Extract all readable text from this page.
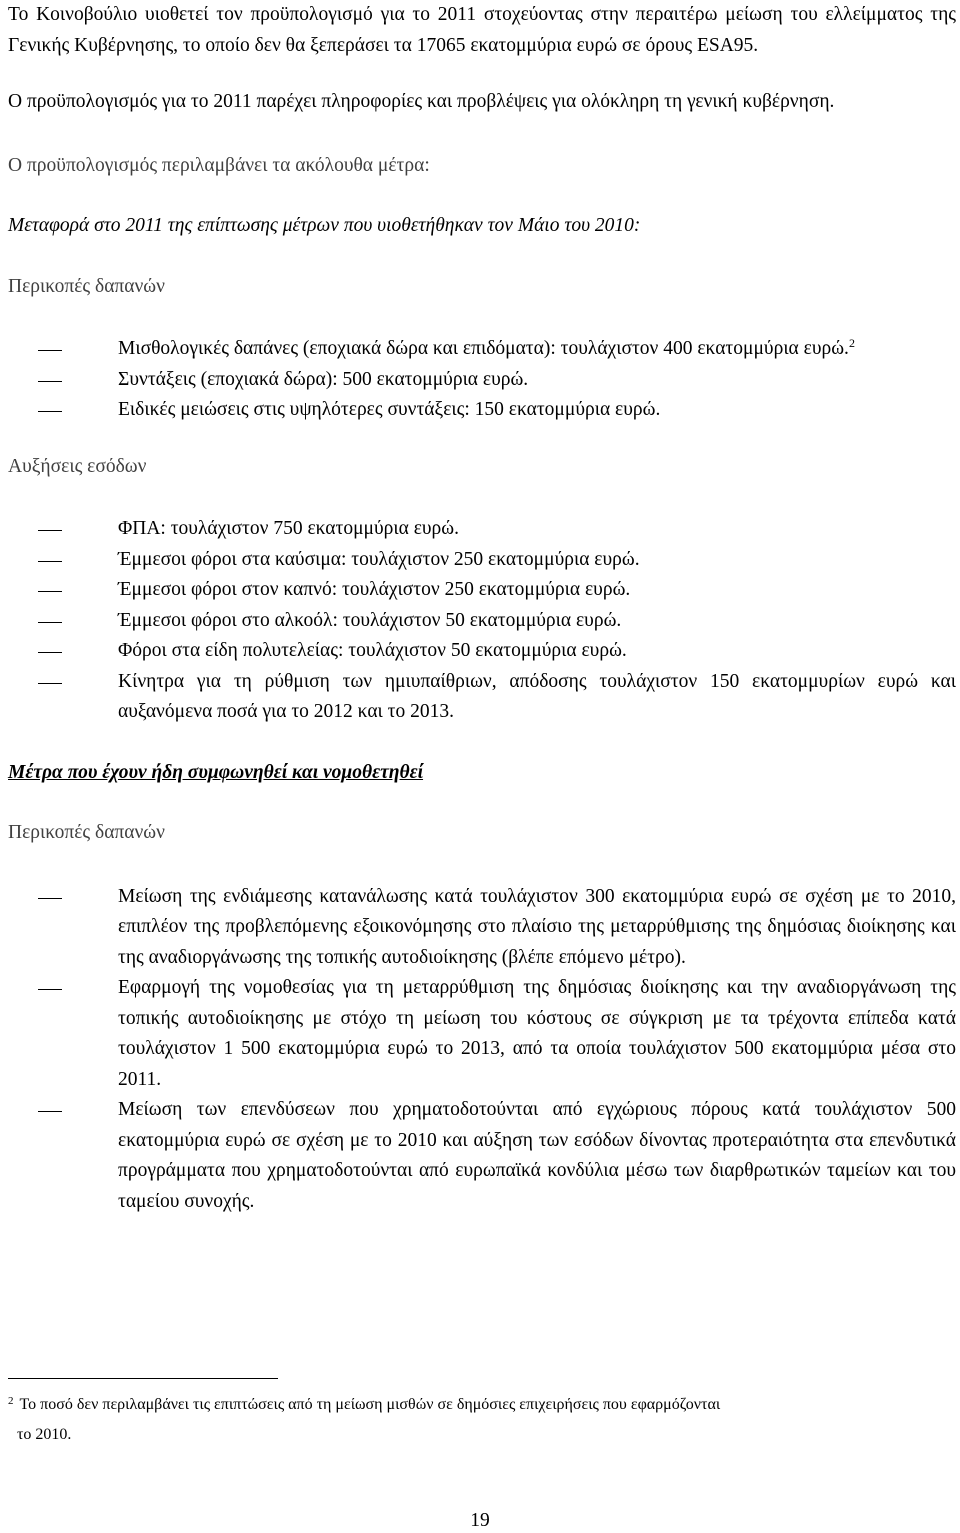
Το Κοινοβούλιο υιοθετεί τον προϋπολογισμό για το 2011 στοχεύοντας στην περαιτέρω μείωση του ελλείμματος της Γενικής Κυβέρνησης, το οποίο δεν θα ξεπεράσει τα 17065 εκατομμύρια ευρώ σε όρους ESA95.

Ο προϋπολογισμός για το 2011 παρέχει πληροφορίες και προβλέψεις για ολόκληρη τη γενική κυβέρνηση.

Ο προϋπολογισμός περιλαμβάνει τα ακόλουθα μέτρα:

Μεταφορά στο 2011 της επίπτωσης μέτρων που υιοθετήθηκαν τον Μάιο του 2010:

Περικοπές δαπανών

Μισθολογικές δαπάνες (εποχιακά δώρα και επιδόματα): τουλάχιστον 400 εκατομμύρια ευρώ.$^2$
Συντάξεις (εποχιακά δώρα): 500 εκατομμύρια ευρώ.
Ειδικές μειώσεις στις υψηλότερες συντάξεις: 150 εκατομμύρια ευρώ.

Αυξήσεις εσόδων

ΦΠΑ: τουλάχιστον 750 εκατομμύρια ευρώ.
Έμμεσοι φόροι στα καύσιμα: τουλάχιστον 250 εκατομμύρια ευρώ.
Έμμεσοι φόροι στον καπνό: τουλάχιστον 250 εκατομμύρια ευρώ.
Έμμεσοι φόροι στο αλκοόλ: τουλάχιστον 50 εκατομμύρια ευρώ.
Φόροι στα είδη πολυτελείας: τουλάχιστον 50 εκατομμύρια ευρώ.
Κίνητρα για τη ρύθμιση των ημιυπαίθριων, απόδοσης τουλάχιστον 150 εκατομμυρίων ευρώ και αυξανόμενα ποσά για το 2012 και το 2013.

Μέτρα που έχουν ήδη συμφωνηθεί και νομοθετηθεί

Περικοπές δαπανών

Μείωση της ενδιάμεσης κατανάλωσης κατά τουλάχιστον 300 εκατομμύρια ευρώ σε σχέση με το 2010, επιπλέον της προβλεπόμενης εξοικονόμησης στο πλαίσιο της μεταρρύθμισης της δημόσιας διοίκησης και της αναδιοργάνωσης της τοπικής αυτοδιοίκησης (βλέπε επόμενο μέτρο).
Εφαρμογή της νομοθεσίας για τη μεταρρύθμιση της δημόσιας διοίκησης και την αναδιοργάνωση της τοπικής αυτοδιοίκησης με στόχο τη μείωση του κόστους σε σύγκριση με τα τρέχοντα επίπεδα κατά τουλάχιστον 1 500 εκατομμύρια ευρώ το 2013, από τα οποία τουλάχιστον 500 εκατομμύρια μέσα στο 2011.
Μείωση των επενδύσεων που χρηματοδοτούνται από εγχώριους πόρους κατά τουλάχιστον 500 εκατομμύρια ευρώ σε σχέση με το 2010 και αύξηση των εσόδων δίνοντας προτεραιότητα στα επενδυτικά προγράμματα που χρηματοδοτούνται από ευρωπαϊκά κονδύλια μέσω των διαρθρωτικών ταμείων και του ταμείου συνοχής.
$^2$ Το ποσό δεν περιλαμβάνει τις επιπτώσεις από τη μείωση μισθών σε δημόσιες επιχειρήσεις που εφαρμόζονται
το 2010.
19
